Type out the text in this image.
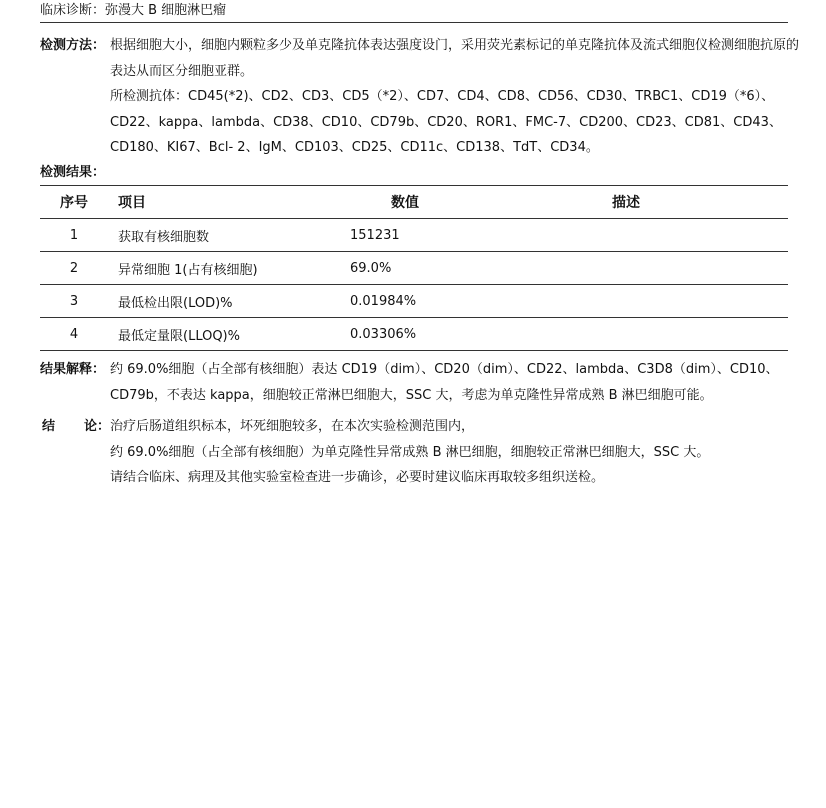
临床诊断：弥漫大 B 细胞淋巴瘤
检测方法： 根据细胞大小，细胞内颗粒多少及单克隆抗体表达强度设门，采用荧光素标记的单克隆抗体及流式细胞仪检测细胞抗原的表达从而区分细胞亚群。

所检测抗体：CD45(*2)、CD2、CD3、CD5（*2）、CD7、CD4、CD8、CD56、CD30、TRBC1、CD19（*6）、CD22、kappa、lambda、CD38、CD10、CD79b、CD20、ROR1、FMC-7、CD200、CD23、CD81、CD43、CD180、KI67、Bcl- 2、IgM、CD103、CD25、CD11c、CD138、TdT、CD34。

检测结果：
序号	项目	数值	描述
1	获取有核细胞数	151231	
2	异常细胞 1(占有核细胞)	69.0%	
3	最低检出限(LOD)%	0.01984%	
4	最低定量限(LLOQ)%	0.03306%	
结果解释： 约 69.0%细胞（占全部有核细胞）表达 CD19（dim）、CD20（dim）、CD22、lambda、C3D8（dim）、CD10、CD79b，不表达 kappa，细胞较正常淋巴细胞大，SSC 大，考虑为单克隆性异常成熟 B 淋巴细胞可能。

结 论： 治疗后肠道组织标本，坏死细胞较多，在本次实验检测范围内，

约 69.0%细胞（占全部有核细胞）为单克隆性异常成熟 B 淋巴细胞，细胞较正常淋巴细胞大，SSC 大。

请结合临床、病理及其他实验室检查进一步确诊，必要时建议临床再取较多组织送检。
